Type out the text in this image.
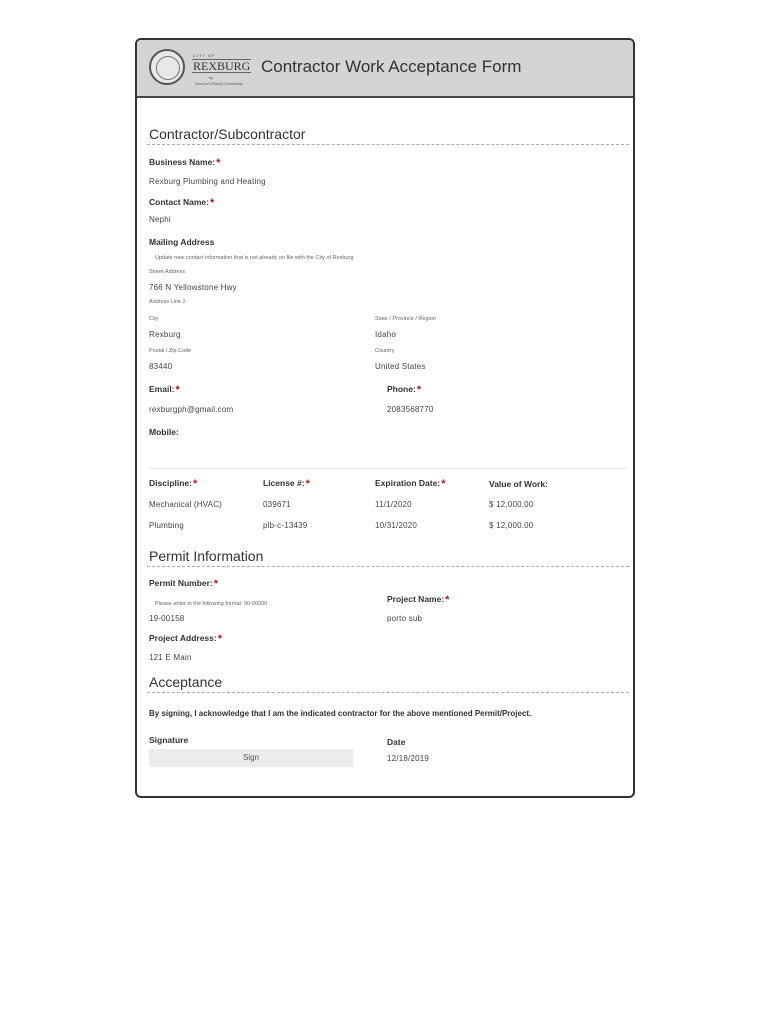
CITY OF
REXBURG
by
America's Family Community
Contractor Work Acceptance Form
Contractor/Subcontractor
Business Name:*
Rexburg Plumbing and Heating
Contact Name:*
Nephi
Mailing Address
Update new contact information that is not already on file with the City of Rexburg
Street Address
766 N Yellowstone Hwy
Address Line 2
City
Rexburg
State / Province / Region
Idaho
Postal / Zip Code
83440
Country
United States
Email:*
rexburgph@gmail.com
Phone:*
2083568770
Mobile:
Discipline:*	License #:*	Expiration Date:*	Value of Work:
Mechanical (HVAC)	039671	11/1/2020	$ 12,000.00
Plumbing	plb-c-13439	10/31/2020	$ 12,000.00
Permit Information
Permit Number:*
Please enter in the following format: 00-00000
19-00158
Project Name:*
porto sub
Project Address:*
121 E Main
Acceptance
By signing, I acknowledge that I am the indicated contractor for the above mentioned Permit/Project.
Signature
Sign
Date
12/18/2019
